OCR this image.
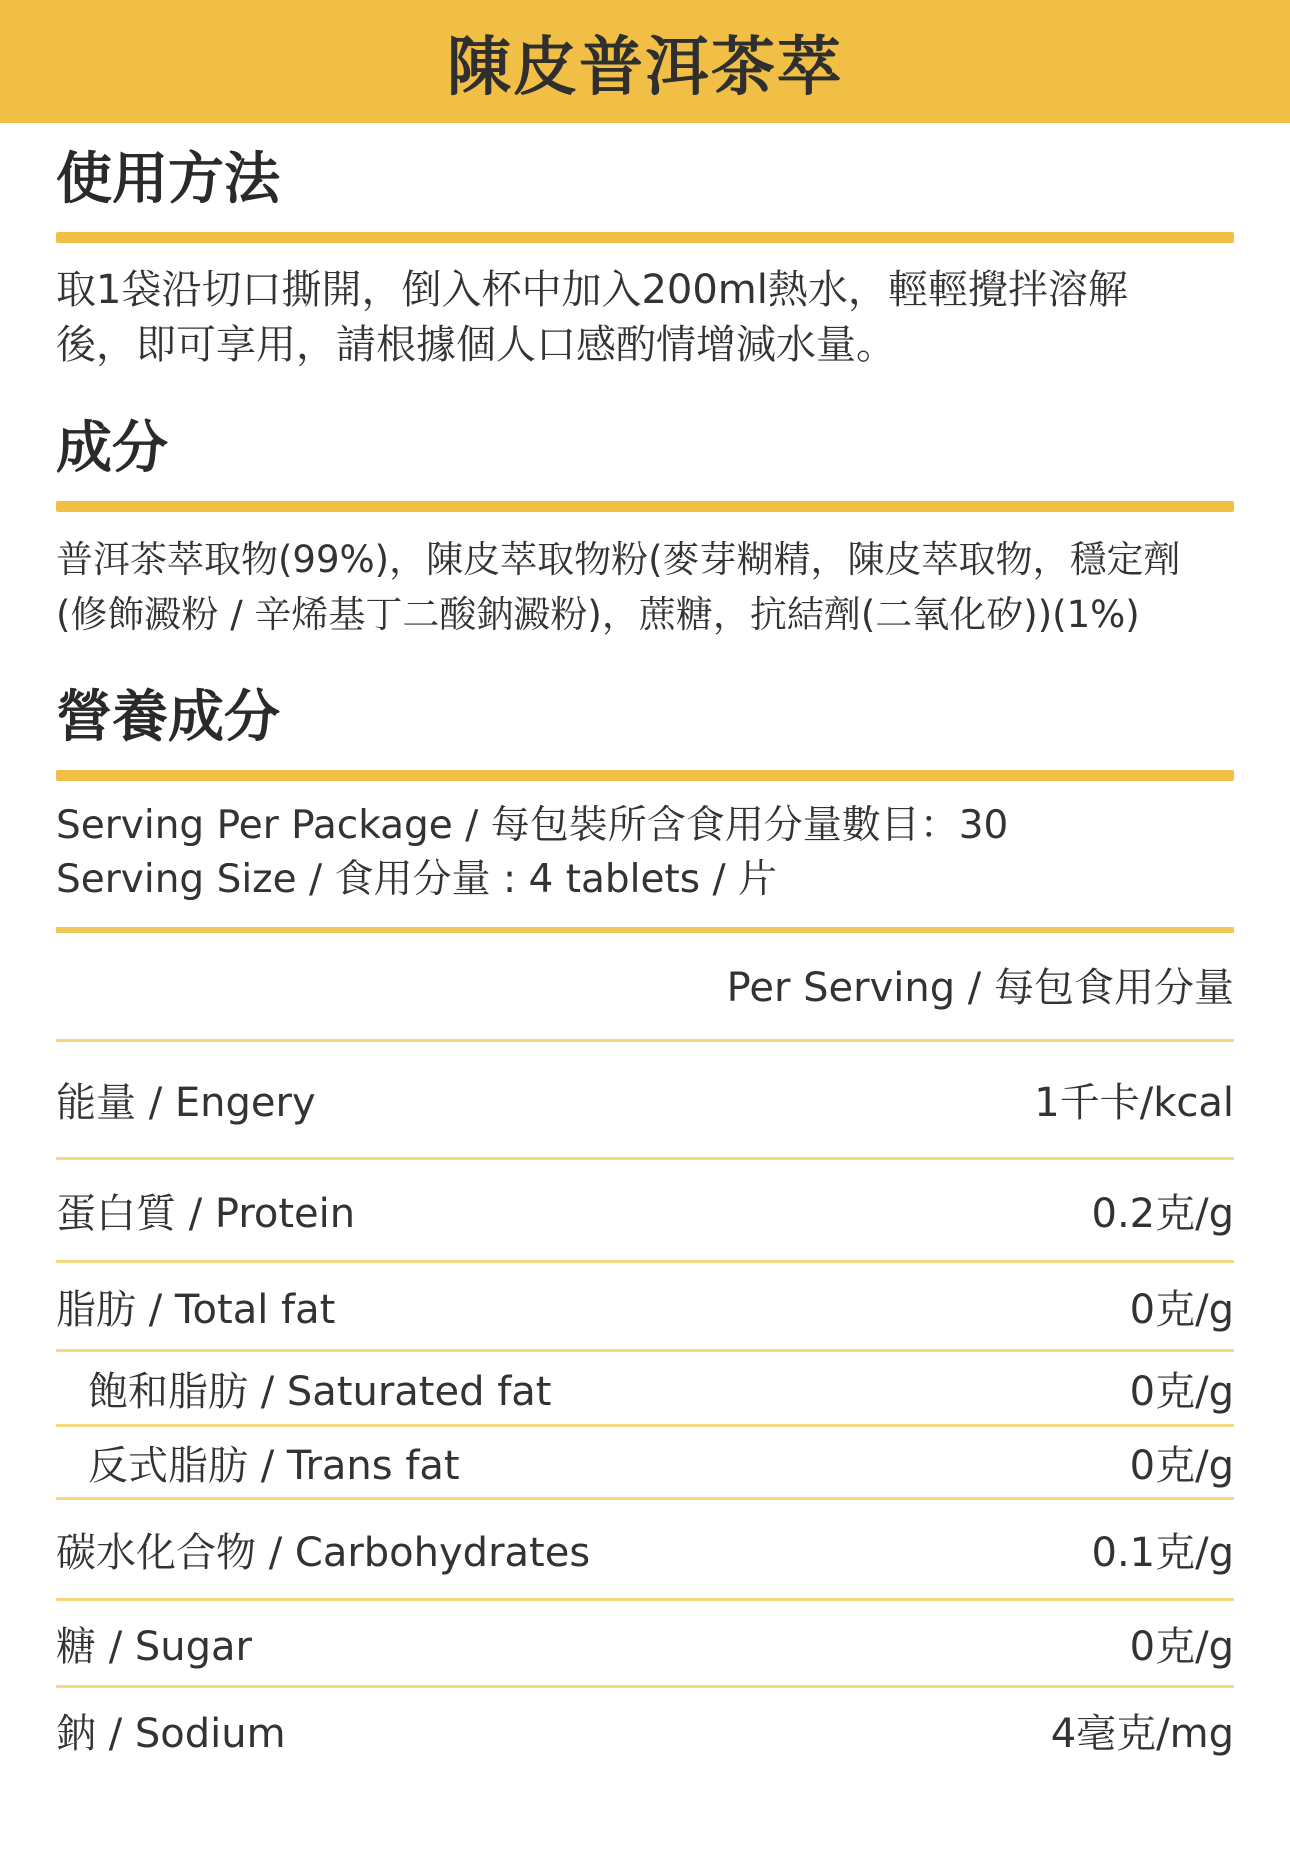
陳皮普洱茶萃
使用方法

取1袋沿切口撕開，倒入杯中加入200ml熱水，輕輕攪拌溶解

後，即可享用，請根據個人口感酌情增減水量。

成分

普洱茶萃取物(99%)，陳皮萃取物粉(麥芽糊精，陳皮萃取物，穩定劑

(修飾澱粉 / 辛烯基丁二酸鈉澱粉)，蔗糖，抗結劑(二氧化矽))(1%)

營養成分
Serving Per Package / 每包裝所含食用分量數目：30
Serving Size / 食用分量 : 4 tablets / 片
Per Serving / 每包食用分量
能量 / Engery	1千卡/kcal
蛋白質 / Protein	0.2克/g
脂肪 / Total fat	0克/g
飽和脂肪 / Saturated fat	0克/g
反式脂肪 / Trans fat	0克/g
碳水化合物 / Carbohydrates	0.1克/g
糖 / Sugar	0克/g
鈉 / Sodium	4毫克/mg
